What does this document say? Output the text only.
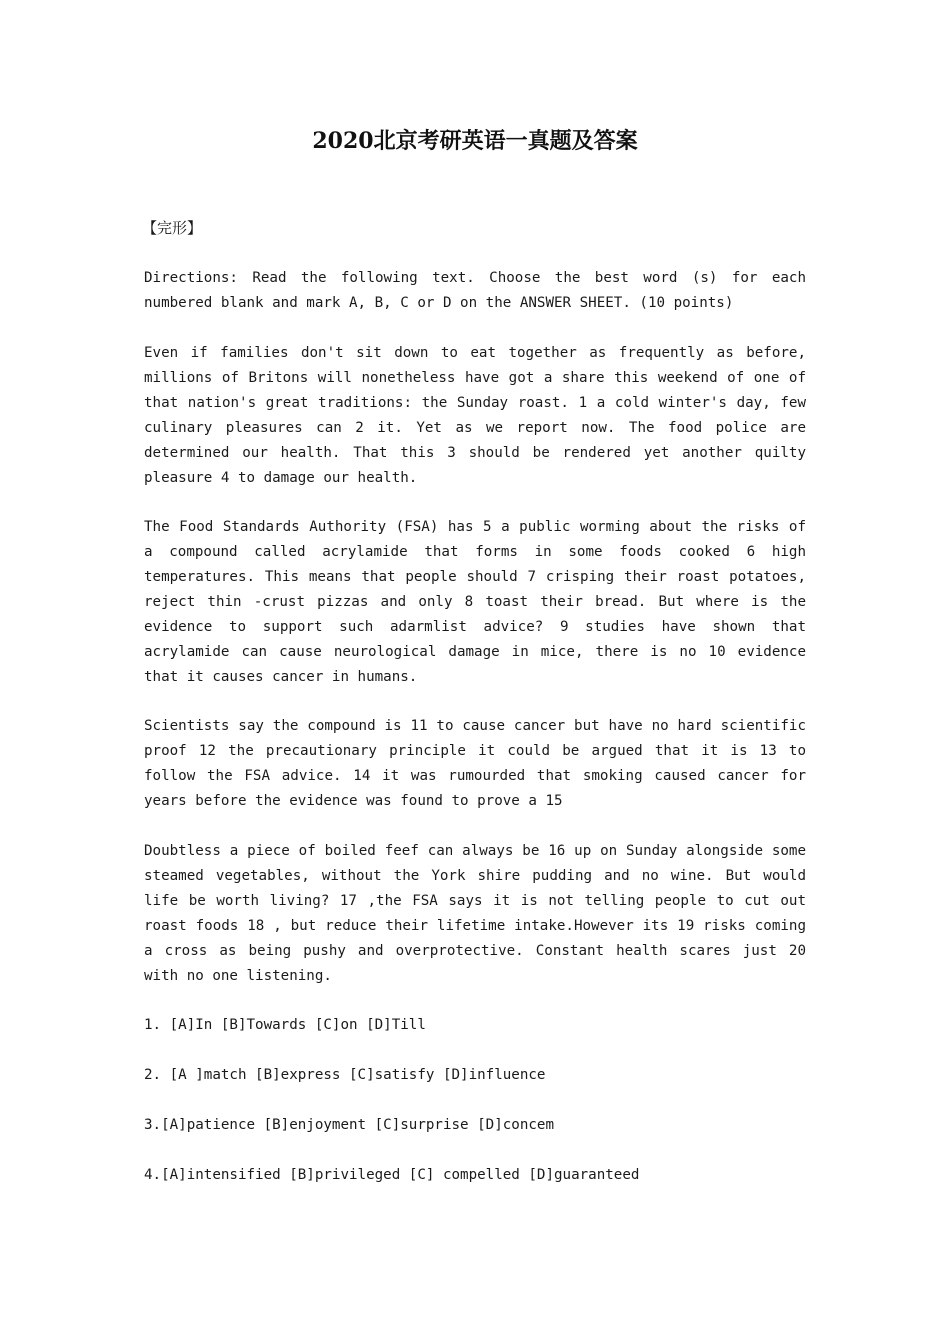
2020北京考研英语一真题及答案

【完形】

Directions: Read the following text. Choose the best word (s) for each numbered blank and mark A, B, C or D on the ANSWER SHEET. (10 points)

Even if families don't sit down to eat together as frequently as before, millions of Britons will nonetheless have got a share this weekend of one of that nation's great traditions: the Sunday roast. 1 a cold winter's day, few culinary pleasures can 2 it. Yet as we report now. The food police are determined our health. That this 3 should be rendered yet another quilty pleasure 4 to damage our health.

The Food Standards Authority (FSA) has 5 a public worming about the risks of a compound called acrylamide that forms in some foods cooked 6 high temperatures. This means that people should 7 crisping their roast potatoes, reject thin -crust pizzas and only 8 toast their bread. But where is the evidence to support such adarmlist advice? 9 studies have shown that acrylamide can cause neurological damage in mice, there is no 10 evidence that it causes cancer in humans.

Scientists say the compound is 11 to cause cancer but have no hard scientific proof 12 the precautionary principle it could be argued that it is 13 to follow the FSA advice. 14 it was rumourded that smoking caused cancer for years before the evidence was found to prove a 15

Doubtless a piece of boiled feef can always be 16 up on Sunday alongside some steamed vegetables, without the York shire pudding and no wine. But would life be worth living? 17 ,the FSA says it is not telling people to cut out roast foods 18 , but reduce their lifetime intake.However its 19 risks coming a cross as being pushy and overprotective. Constant health scares just 20 with no one listening.

1. [A]In [B]Towards [C]on [D]Till

2. [A ]match [B]express [C]satisfy [D]influence

3.[A]patience [B]enjoyment [C]surprise [D]concem

4.[A]intensified [B]privileged [C] compelled [D]guaranteed
